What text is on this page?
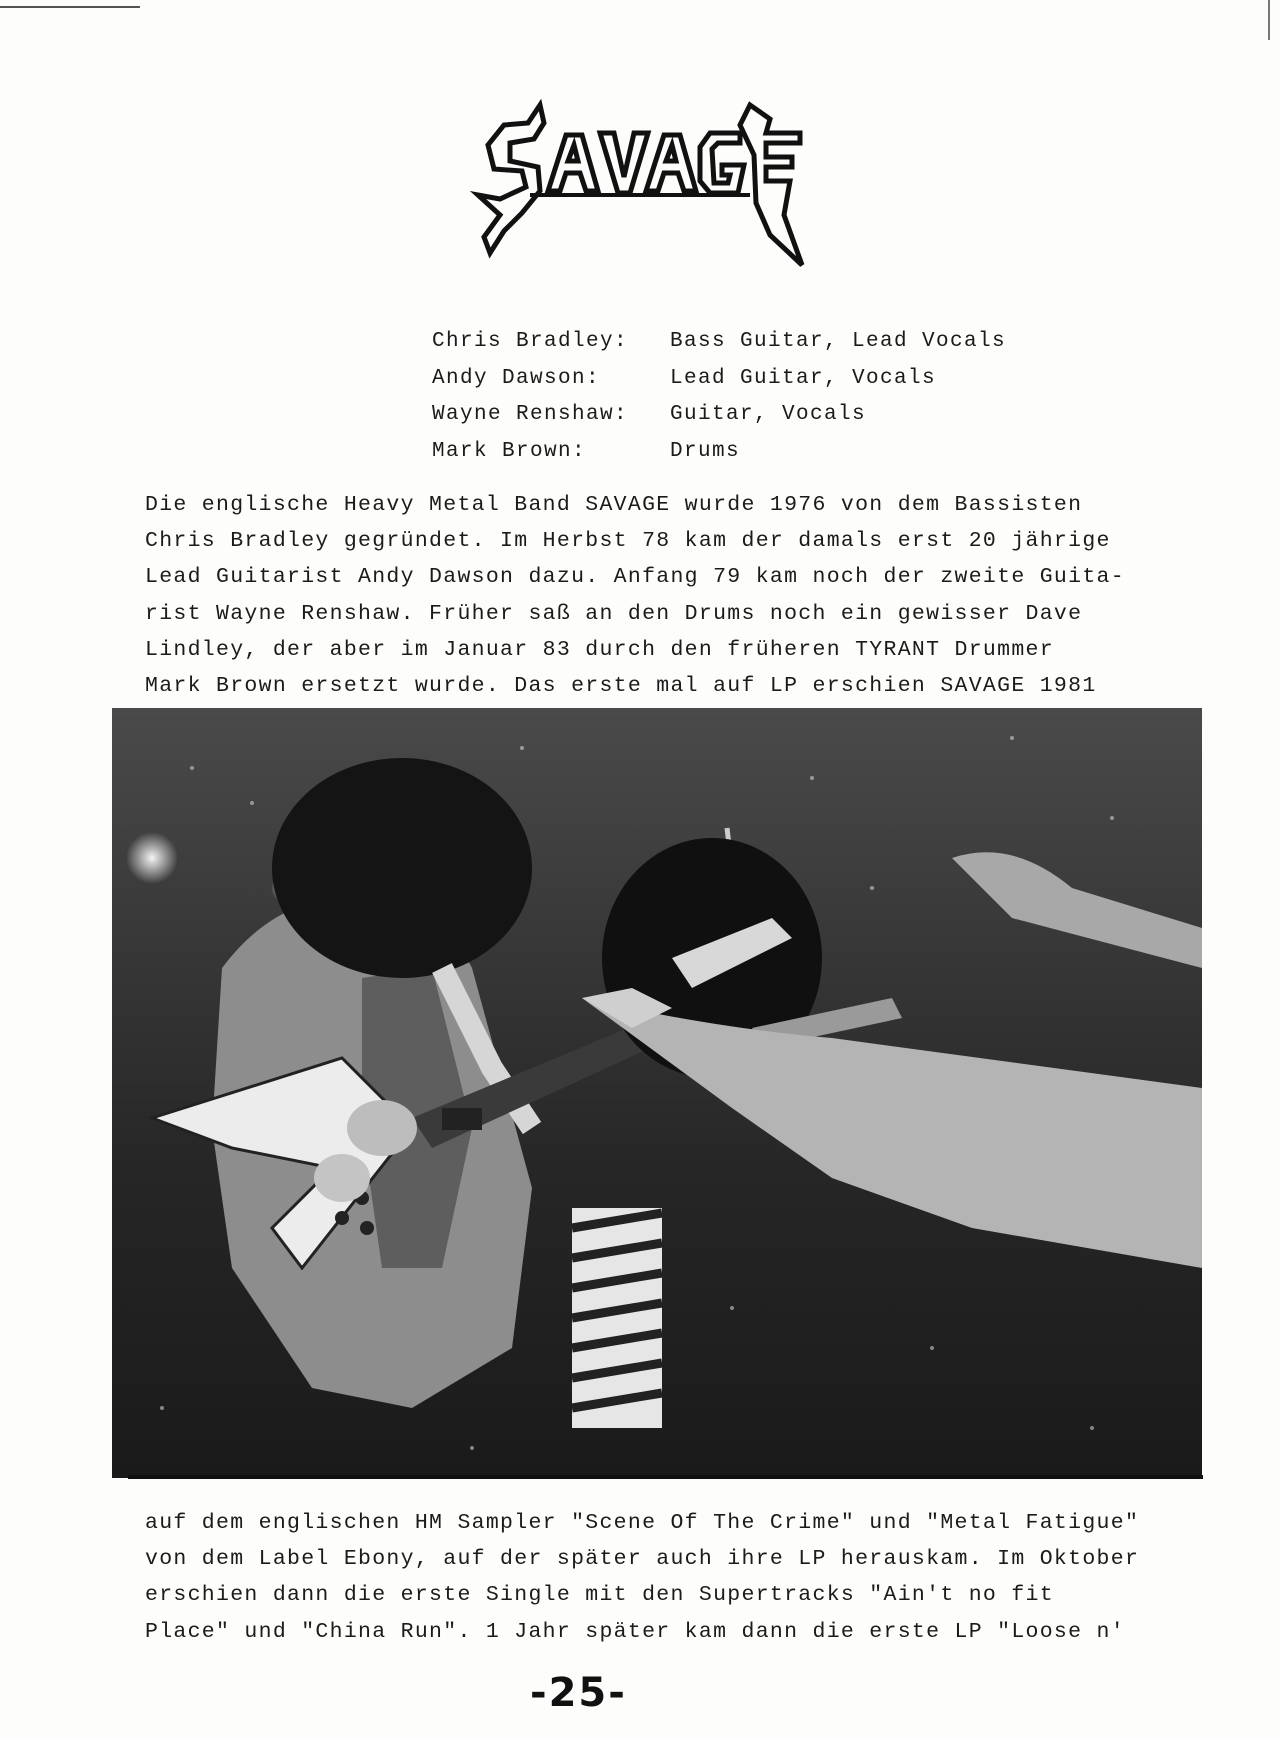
Chris Bradley: Bass Guitar, Lead Vocals
Andy Dawson:	Lead Guitar, Vocals
Wayne Renshaw: Guitar, Vocals
Mark Brown:	Drums
Die englische Heavy Metal Band SAVAGE wurde 1976 von dem Bassisten
Chris Bradley gegründet. Im Herbst 78 kam der damals erst 20 jährige
Lead Guitarist Andy Dawson dazu. Anfang 79 kam noch der zweite Guita-
rist Wayne Renshaw. Früher saß an den Drums noch ein gewisser Dave
Lindley, der aber im Januar 83 durch den früheren TYRANT Drummer
Mark Brown ersetzt wurde. Das erste mal auf LP erschien SAVAGE 1981
auf dem englischen HM Sampler "Scene Of The Crime" und "Metal Fatigue"
von dem Label Ebony, auf der später auch ihre LP herauskam. Im Oktober
erschien dann die erste Single mit den Supertracks "Ain't no fit
Place" und "China Run". 1 Jahr später kam dann die erste LP "Loose n'
-25-
